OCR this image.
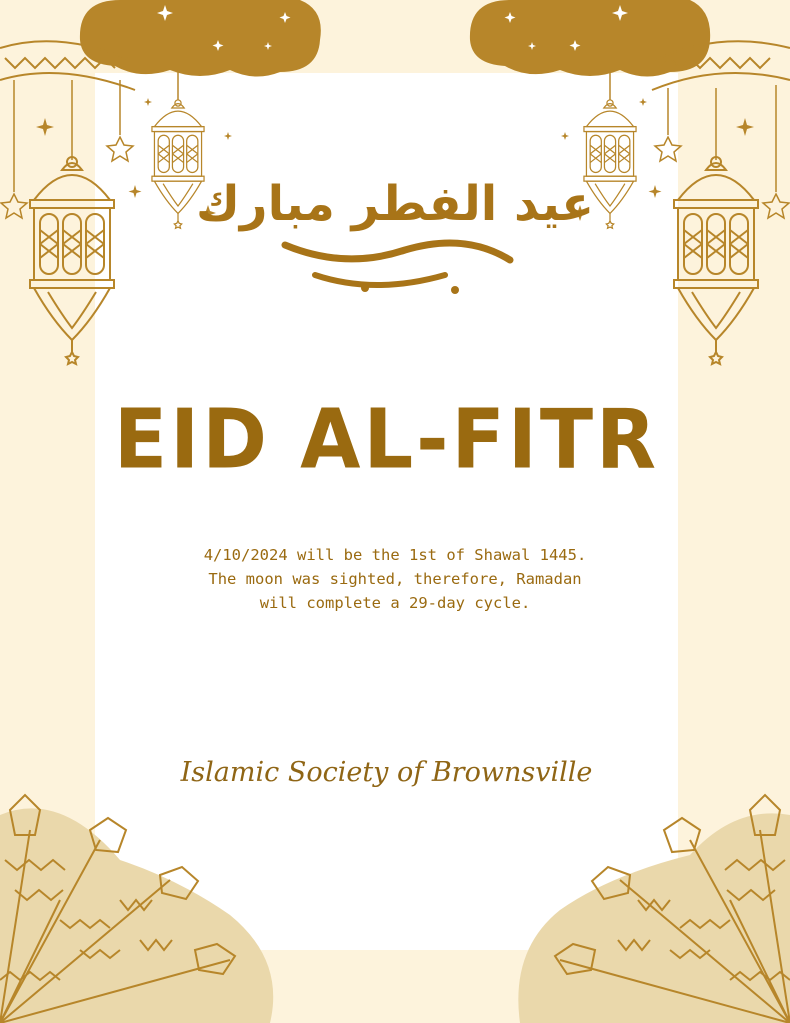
عيد الفطر مبارك
EID AL-FITR
4/10/2024 will be the 1st of Shawal 1445.
The moon was sighted, therefore, Ramadan
will complete a 29-day cycle.
Islamic Society of Brownsville
